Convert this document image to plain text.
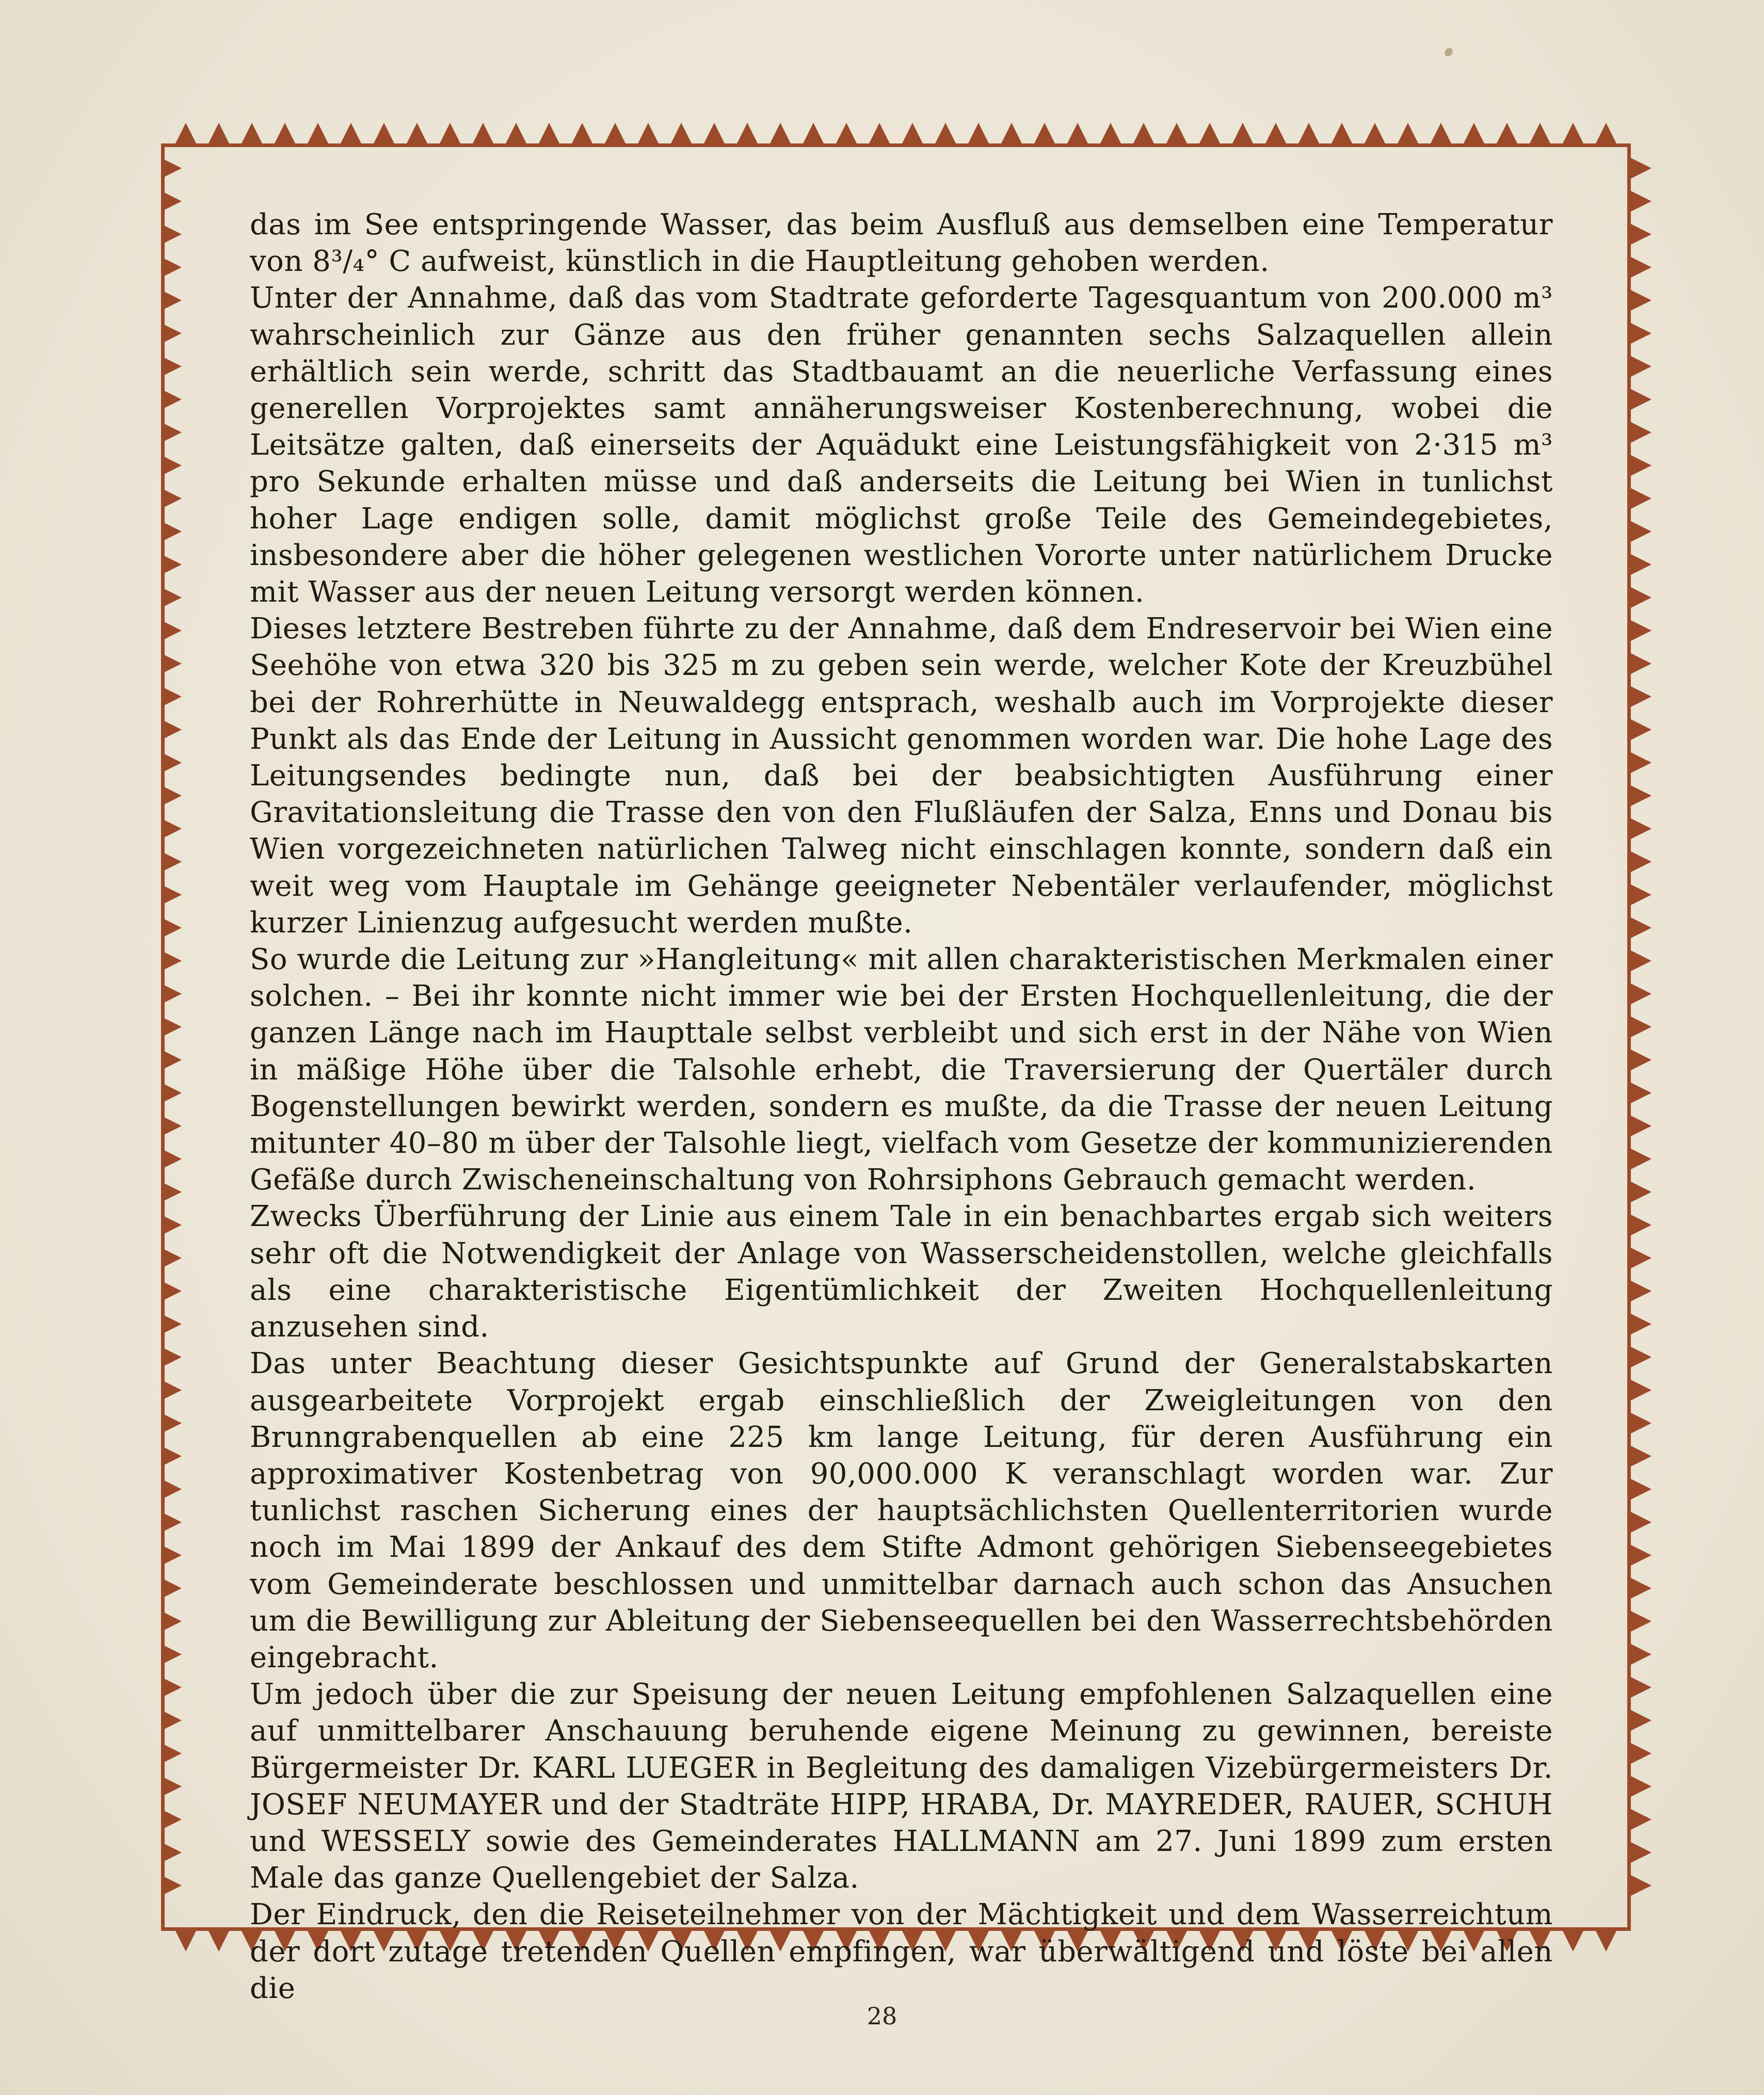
das im See entspringende Wasser, das beim Ausfluß aus demselben eine Temperatur von 8³/₄° C aufweist, künstlich in die Hauptleitung gehoben werden.

Unter der Annahme, daß das vom Stadtrate geforderte Tagesquantum von 200.000 m³ wahrscheinlich zur Gänze aus den früher genannten sechs Salzaquellen allein erhältlich sein werde, schritt das Stadtbauamt an die neuerliche Verfassung eines generellen Vorprojektes samt annäherungsweiser Kostenberechnung, wobei die Leitsätze galten, daß einerseits der Aquädukt eine Leistungsfähigkeit von 2·315 m³ pro Sekunde erhalten müsse und daß anderseits die Leitung bei Wien in tunlichst hoher Lage endigen solle, damit möglichst große Teile des Gemeindegebietes, insbesondere aber die höher gelegenen westlichen Vororte unter natürlichem Drucke mit Wasser aus der neuen Leitung versorgt werden können.

Dieses letztere Bestreben führte zu der Annahme, daß dem Endreservoir bei Wien eine Seehöhe von etwa 320 bis 325 m zu geben sein werde, welcher Kote der Kreuzbühel bei der Rohrerhütte in Neuwaldegg entsprach, weshalb auch im Vorprojekte dieser Punkt als das Ende der Leitung in Aussicht genommen worden war. Die hohe Lage des Leitungsendes bedingte nun, daß bei der beabsichtigten Ausführung einer Gravitationsleitung die Trasse den von den Flußläufen der Salza, Enns und Donau bis Wien vorgezeichneten natürlichen Talweg nicht einschlagen konnte, sondern daß ein weit weg vom Hauptale im Gehänge geeigneter Nebentäler verlaufender, möglichst kurzer Linienzug aufgesucht werden mußte.

So wurde die Leitung zur »Hangleitung« mit allen charakteristischen Merkmalen einer solchen. – Bei ihr konnte nicht immer wie bei der Ersten Hochquellenleitung, die der ganzen Länge nach im Haupttale selbst verbleibt und sich erst in der Nähe von Wien in mäßige Höhe über die Talsohle erhebt, die Traversierung der Quertäler durch Bogenstellungen bewirkt werden, sondern es mußte, da die Trasse der neuen Leitung mitunter 40–80 m über der Talsohle liegt, vielfach vom Gesetze der kommunizierenden Gefäße durch Zwischeneinschaltung von Rohrsiphons Gebrauch gemacht werden.

Zwecks Überführung der Linie aus einem Tale in ein benachbartes ergab sich weiters sehr oft die Notwendigkeit der Anlage von Wasserscheidenstollen, welche gleichfalls als eine charakteristische Eigentümlichkeit der Zweiten Hochquellenleitung anzusehen sind.

Das unter Beachtung dieser Gesichtspunkte auf Grund der Generalstabskarten ausgearbeitete Vorprojekt ergab einschließlich der Zweigleitungen von den Brunngrabenquellen ab eine 225 km lange Leitung, für deren Ausführung ein approximativer Kostenbetrag von 90,000.000 K veranschlagt worden war. Zur tunlichst raschen Sicherung eines der hauptsächlichsten Quellenterritorien wurde noch im Mai 1899 der Ankauf des dem Stifte Admont gehörigen Siebenseegebietes vom Gemeinderate beschlossen und unmittelbar darnach auch schon das Ansuchen um die Bewilligung zur Ableitung der Siebenseequellen bei den Wasserrechtsbehörden eingebracht.

Um jedoch über die zur Speisung der neuen Leitung empfohlenen Salzaquellen eine auf unmittelbarer Anschauung beruhende eigene Meinung zu gewinnen, bereiste Bürgermeister Dr. KARL LUEGER in Begleitung des damaligen Vizebürgermeisters Dr. JOSEF NEUMAYER und der Stadträte HIPP, HRABA, Dr. MAYREDER, RAUER, SCHUH und WESSELY sowie des Gemeinderates HALLMANN am 27. Juni 1899 zum ersten Male das ganze Quellengebiet der Salza.

Der Eindruck, den die Reiseteilnehmer von der Mächtigkeit und dem Wasserreichtum der dort zutage tretenden Quellen empfingen, war überwältigend und löste bei allen die

28
